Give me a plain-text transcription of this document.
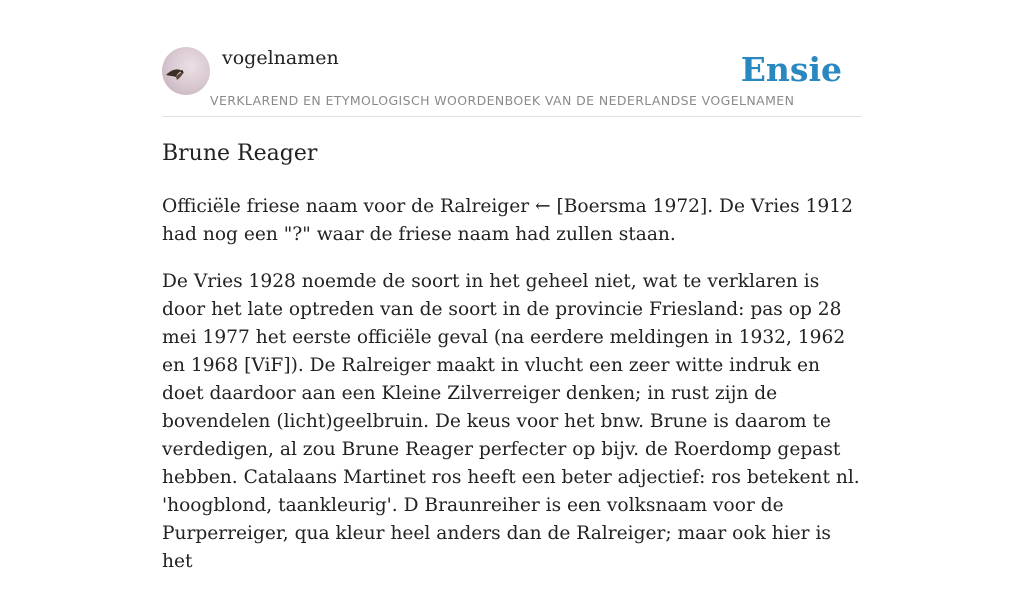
vogelnamen	Ensie
VERKLAREND EN ETYMOLOGISCH WOORDENBOEK VAN DE NEDERLANDSE VOGELNAMEN
Brune Reager

Officiële friese naam voor de Ralreiger ← [Boersma 1972]. De Vries 1912 had nog een "?" waar de friese naam had zullen staan.

De Vries 1928 noemde de soort in het geheel niet, wat te verklaren is door het late optreden van de soort in de provincie Friesland: pas op 28 mei 1977 het eerste officiële geval (na eerdere meldingen in 1932, 1962 en 1968 [ViF]). De Ralreiger maakt in vlucht een zeer witte indruk en doet daardoor aan een Kleine Zilverreiger denken; in rust zijn de bovendelen (licht)geelbruin. De keus voor het bnw. Brune is daarom te verdedigen, al zou Brune Reager perfecter op bijv. de Roerdomp gepast hebben. Catalaans Martinet ros heeft een beter adjectief: ros betekent nl. 'hoogblond, taankleurig'. D Braunreiher is een volksnaam voor de Purperreiger, qua kleur heel anders dan de Ralreiger; maar ook hier is het
